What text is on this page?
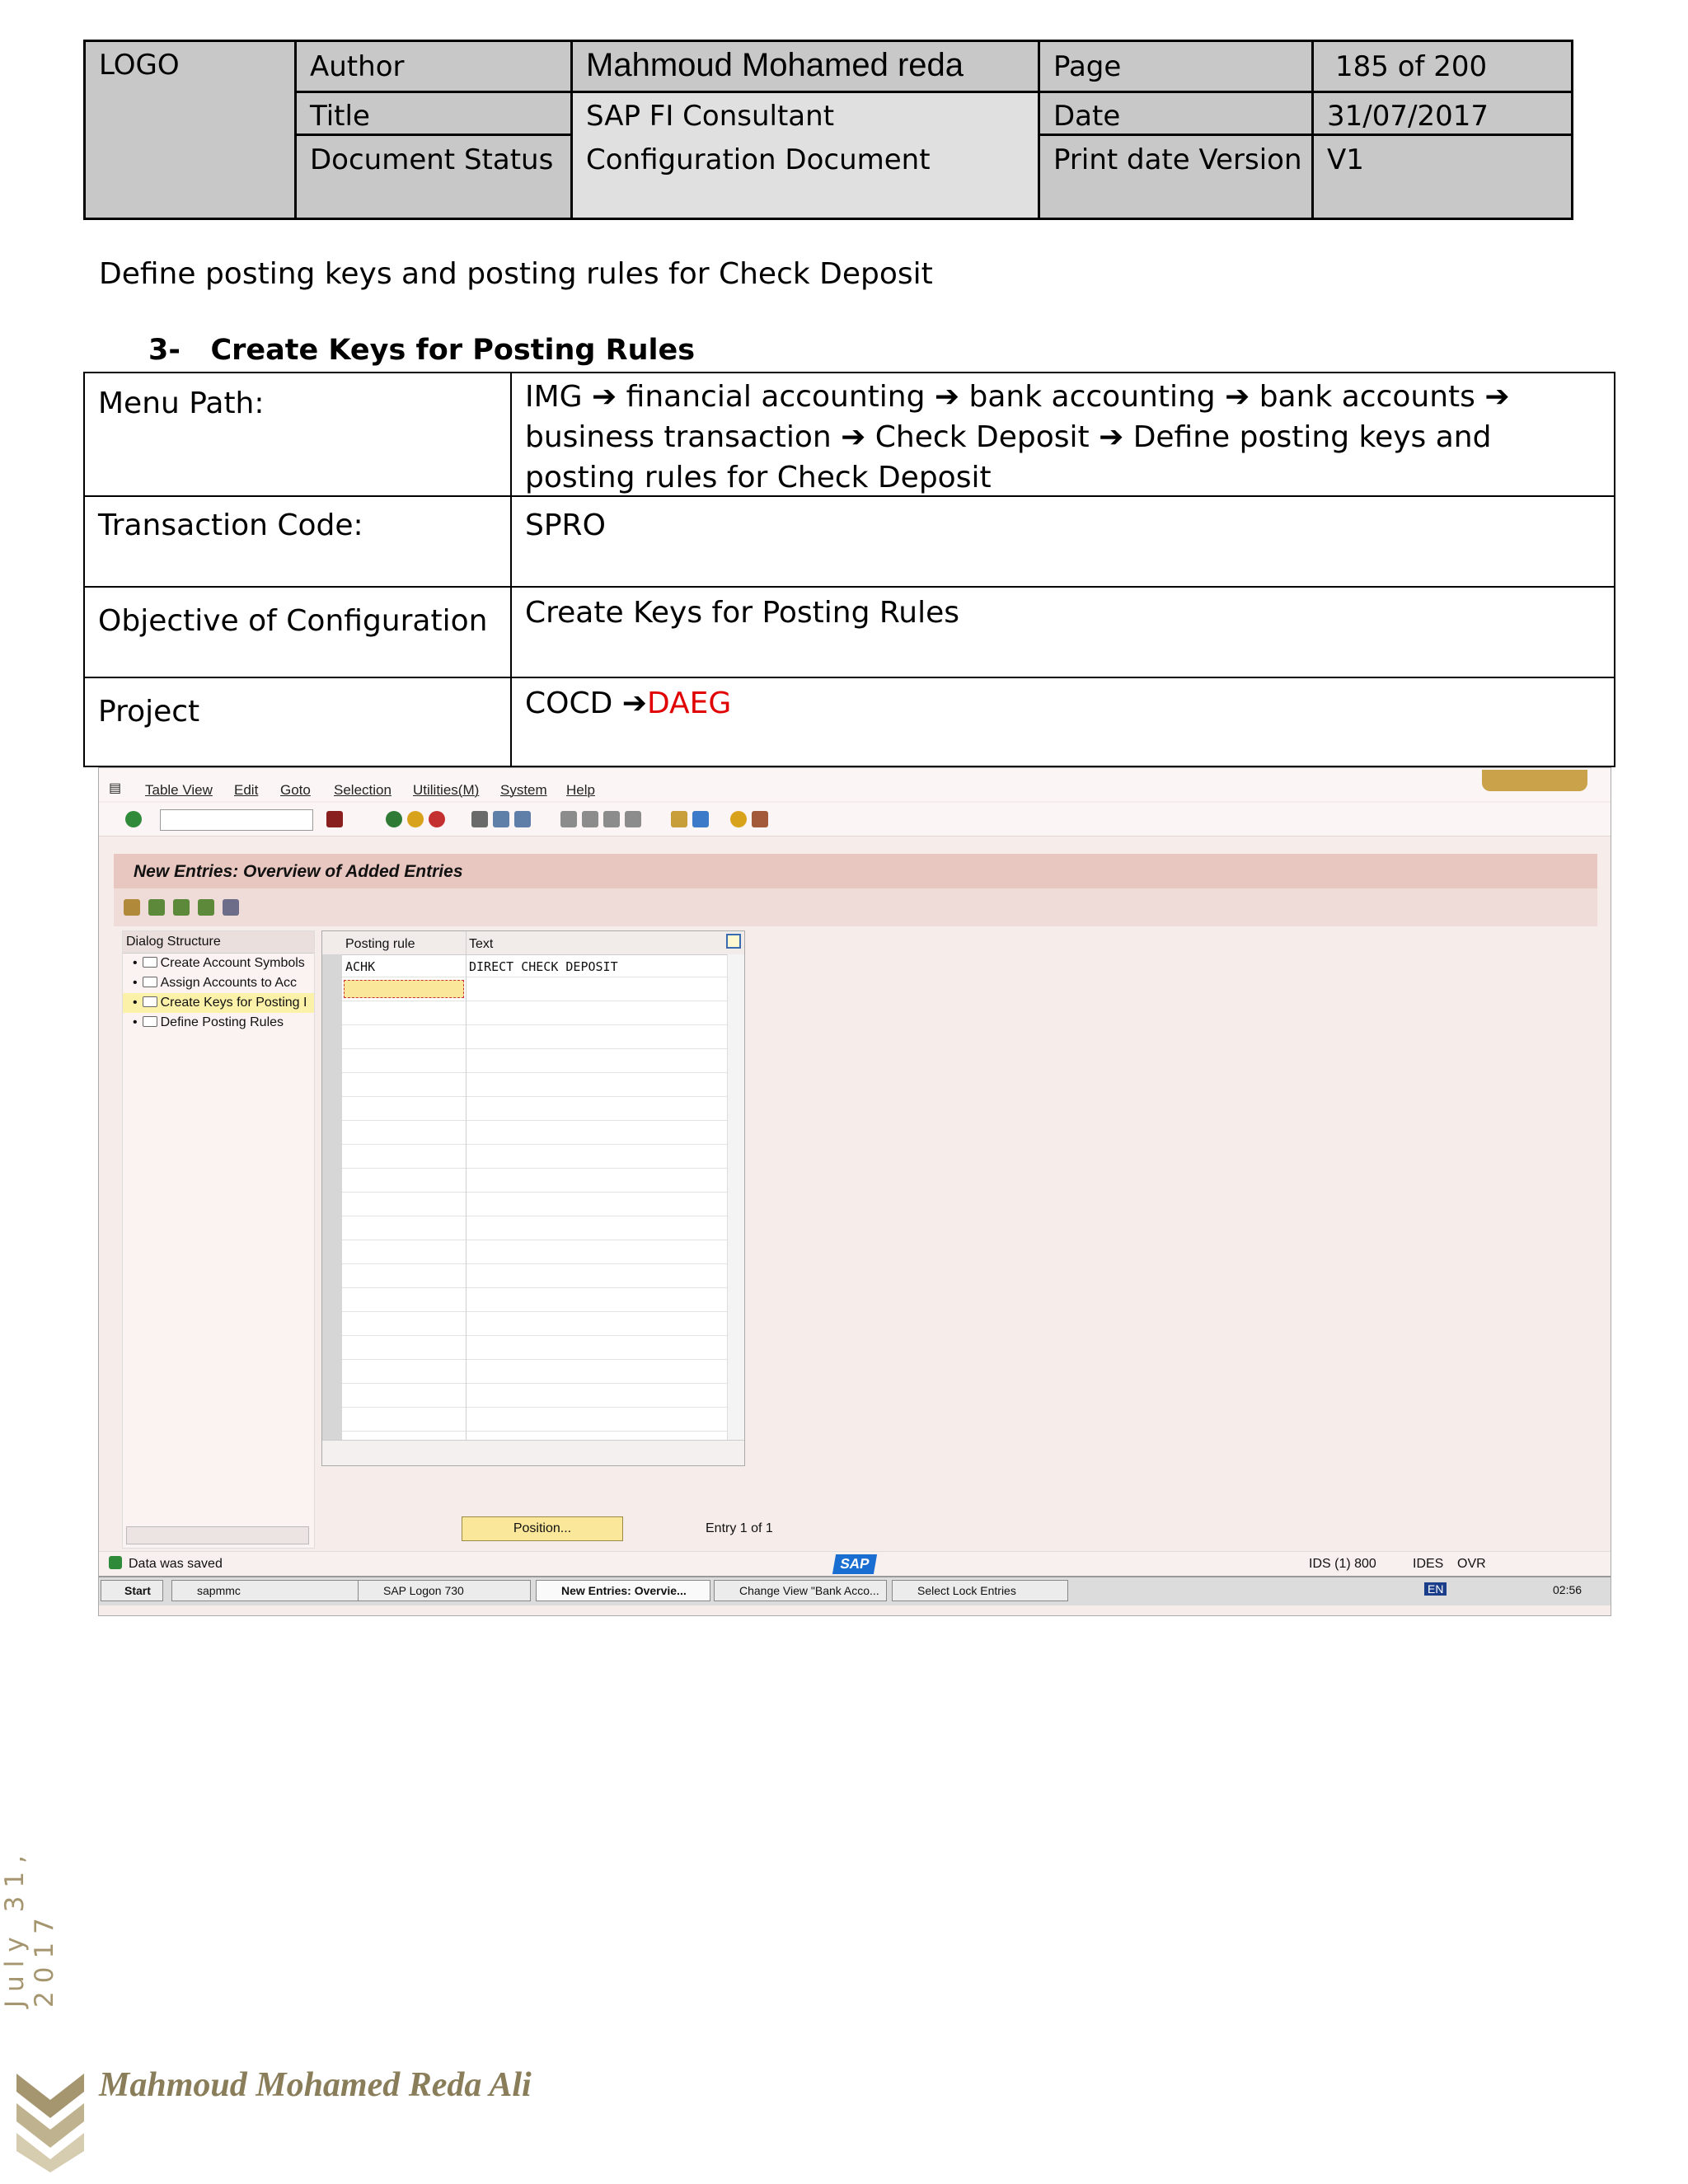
LOGO	Author	Mahmoud Mohamed reda	Page	185 of 200
Title	SAP FI Consultant	Date	31/07/2017
Document Status	Configuration Document	Print date Version V1
Define posting keys and posting rules for Check Deposit
3- Create Keys for Posting Rules
Menu Path:	IMG ➔ financial accounting ➔ bank accounting ➔ bank accounts ➔ business transaction ➔ Check Deposit ➔ Define posting keys and posting rules for Check Deposit
Transaction Code:	SPRO
Objective of Configuration	Create Keys for Posting Rules
Project	COCD ➔DAEG
▤ Table View Edit Goto Selection Utilities(M) System Help
New Entries: Overview of Added Entries
Dialog Structure
• Create Account Symbols
• Assign Accounts to Acc
• Create Keys for Posting I
• Define Posting Rules
Posting rule	Text
ACHK	DIRECT CHECK DEPOSIT
Position...	Entry 1 of 1
Data was saved	SAP	IDS (1) 800	IDES OVR
Start	sapmmc	SAP Logon 730	New Entries: Overvie...	Change View "Bank Acco...	Select Lock Entries	EN	02:56
July 31, 2017
Mahmoud Mohamed Reda Ali
